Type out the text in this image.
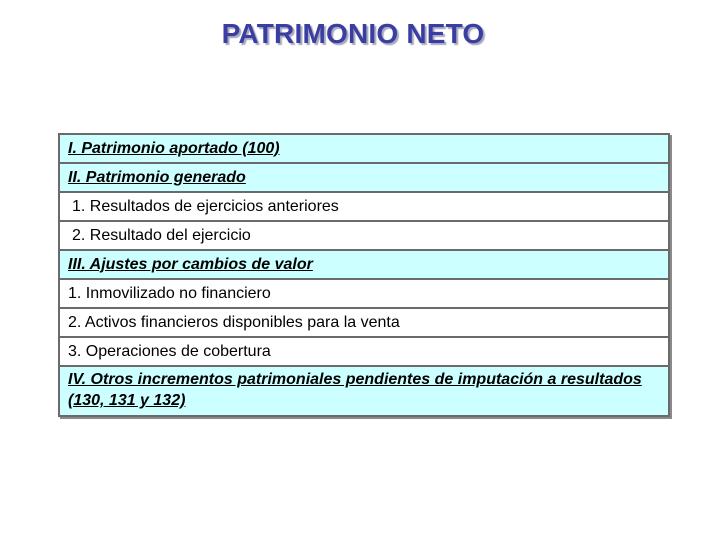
PATRIMONIO NETO
I. Patrimonio aportado (100)
II. Patrimonio generado
1. Resultados de ejercicios anteriores
2. Resultado del ejercicio
III. Ajustes por cambios de valor
1. Inmovilizado no financiero
2. Activos financieros disponibles para la venta
3. Operaciones de cobertura
IV. Otros incrementos patrimoniales pendientes de imputación a resultados (130, 131 y 132)
